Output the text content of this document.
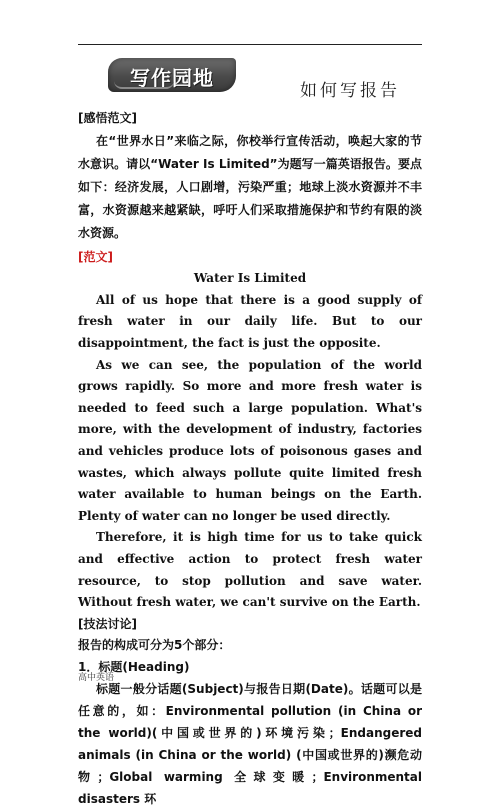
写作园地
如何写报告

[感悟范文]

在“世界水日”来临之际，你校举行宣传活动，唤起大家的节水意识。请以“Water Is Limited”为题写一篇英语报告。要点如下：经济发展，人口剧增，污染严重；地球上淡水资源并不丰富，水资源越来越紧缺，呼吁人们采取措施保护和节约有限的淡水资源。

[范文]

Water Is Limited

All of us hope that there is a good supply of fresh water in our daily life. But to our disappointment, the fact is just the opposite.

As we can see, the population of the world grows rapidly. So more and more fresh water is needed to feed such a large population. What's more, with the development of industry, factories and vehicles produce lots of poisonous gases and wastes, which always pollute quite limited fresh water available to human beings on the Earth. Plenty of water can no longer be used directly.

Therefore, it is high time for us to take quick and effective action to protect fresh water resource, to stop pollution and save water. Without fresh water, we can't survive on the Earth.

[技法讨论]

报告的构成可分为5个部分：

1．标题(Heading)

标题一般分话题(Subject)与报告日期(Date)。话题可以是任意的，如：Environmental pollution (in China or the world)(中国或世界的)环境污染；Endangered animals (in China or the world) (中国或世界的)濒危动物；Global warming 全球变暖；Environmental disasters 环

高中英语
